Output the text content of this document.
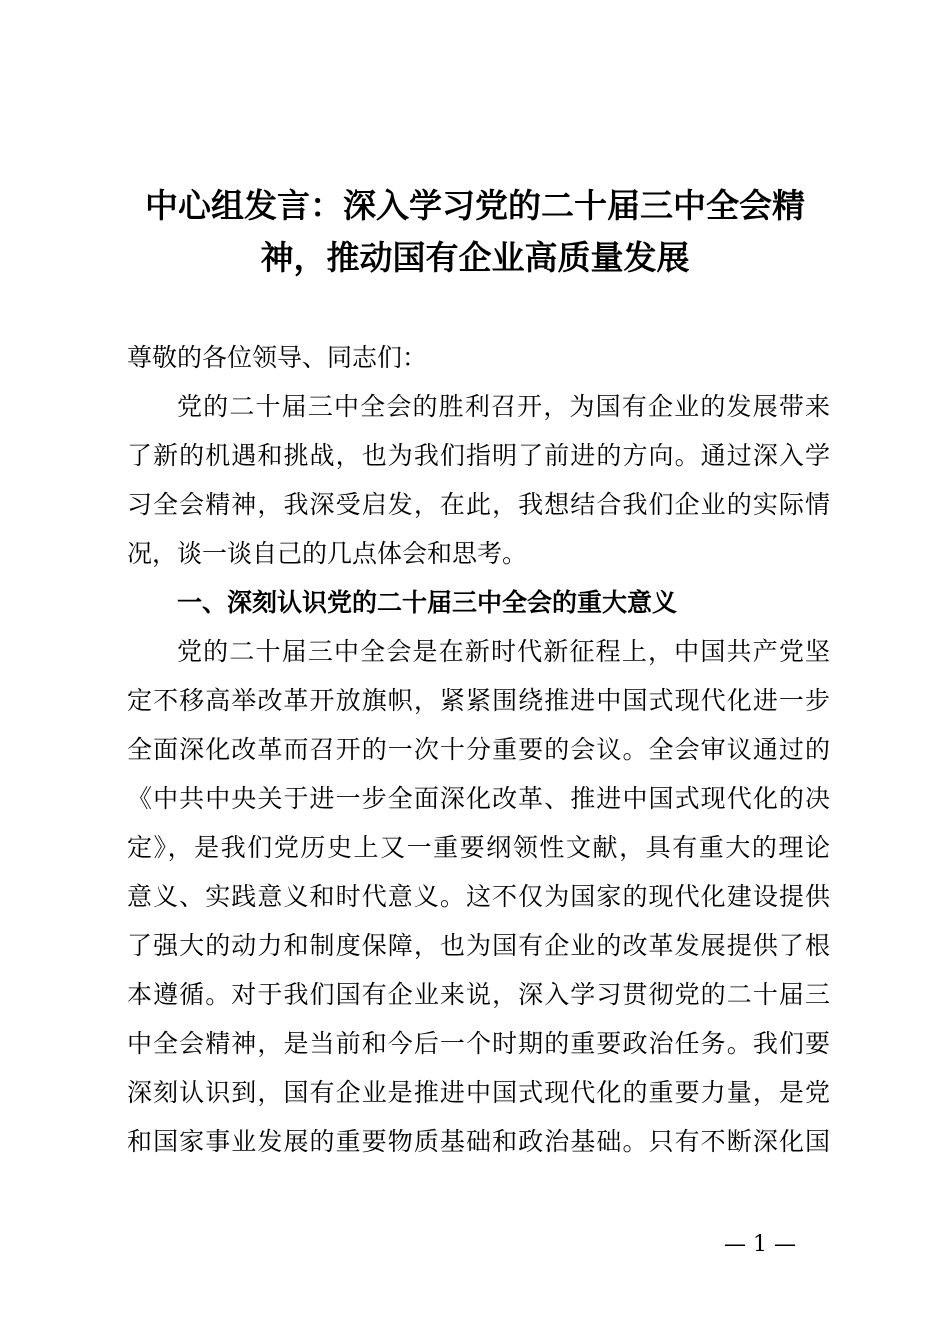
中心组发言：深入学习党的二十届三中全会精
神，推动国有企业高质量发展
尊敬的各位领导、同志们：
党的二十届三中全会的胜利召开，为国有企业的发展带来
了新的机遇和挑战，也为我们指明了前进的方向。通过深入学
习全会精神，我深受启发，在此，我想结合我们企业的实际情
况，谈一谈自己的几点体会和思考。
一、深刻认识党的二十届三中全会的重大意义
党的二十届三中全会是在新时代新征程上，中国共产党坚
定不移高举改革开放旗帜，紧紧围绕推进中国式现代化进一步
全面深化改革而召开的一次十分重要的会议。全会审议通过的
《中共中央关于进一步全面深化改革、推进中国式现代化的决
定》，是我们党历史上又一重要纲领性文献，具有重大的理论
意义、实践意义和时代意义。这不仅为国家的现代化建设提供
了强大的动力和制度保障，也为国有企业的改革发展提供了根
本遵循。对于我们国有企业来说，深入学习贯彻党的二十届三
中全会精神，是当前和今后一个时期的重要政治任务。我们要
深刻认识到，国有企业是推进中国式现代化的重要力量，是党
和国家事业发展的重要物质基础和政治基础。只有不断深化国
— 1 —
